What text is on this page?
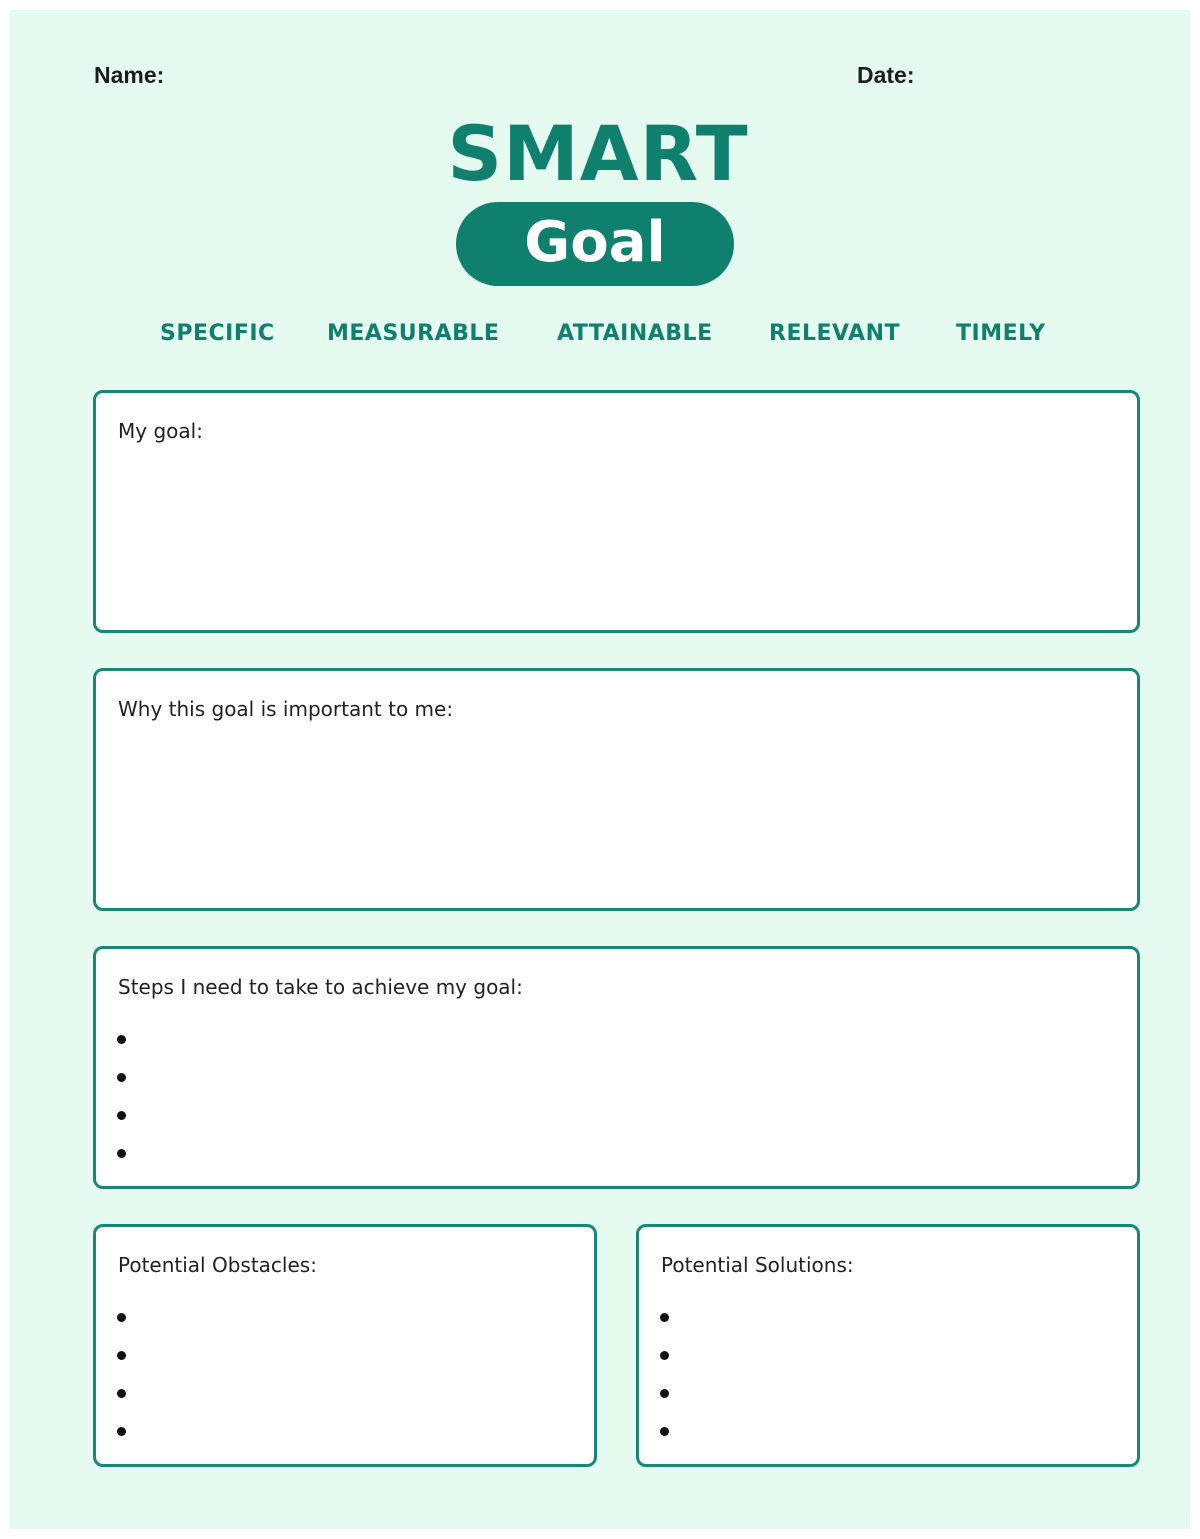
Name:	Date:
SMART
Goal
SPECIFIC MEASURABLE	ATTAINABLE	RELEVANT	TIMELY
My goal:
Why this goal is important to me:
Steps I need to take to achieve my goal:
Potential Obstacles:	Potential Solutions:
